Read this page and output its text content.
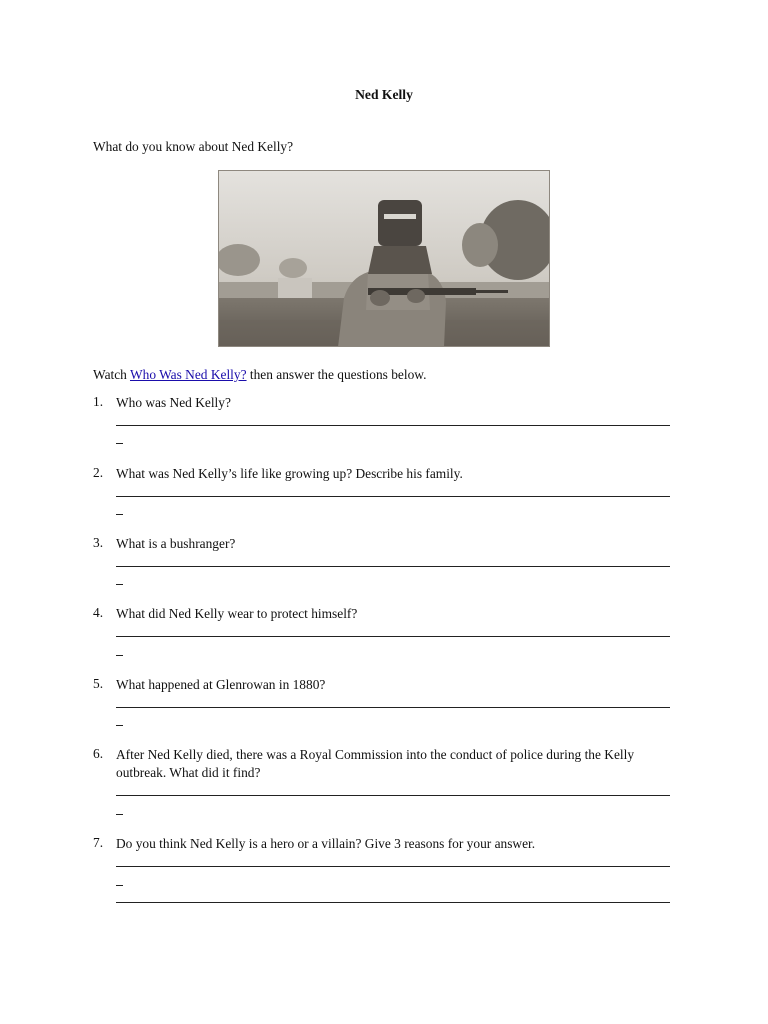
Ned Kelly
What do you know about Ned Kelly?
Watch Who Was Ned Kelly? then answer the questions below.
1. Who was Ned Kelly?
2. What was Ned Kelly’s life like growing up? Describe his family.
3. What is a bushranger?
4. What did Ned Kelly wear to protect himself?
5. What happened at Glenrowan in 1880?
6. After Ned Kelly died, there was a Royal Commission into the conduct of police during the Kelly outbreak. What did it find?
7. Do you think Ned Kelly is a hero or a villain? Give 3 reasons for your answer.
